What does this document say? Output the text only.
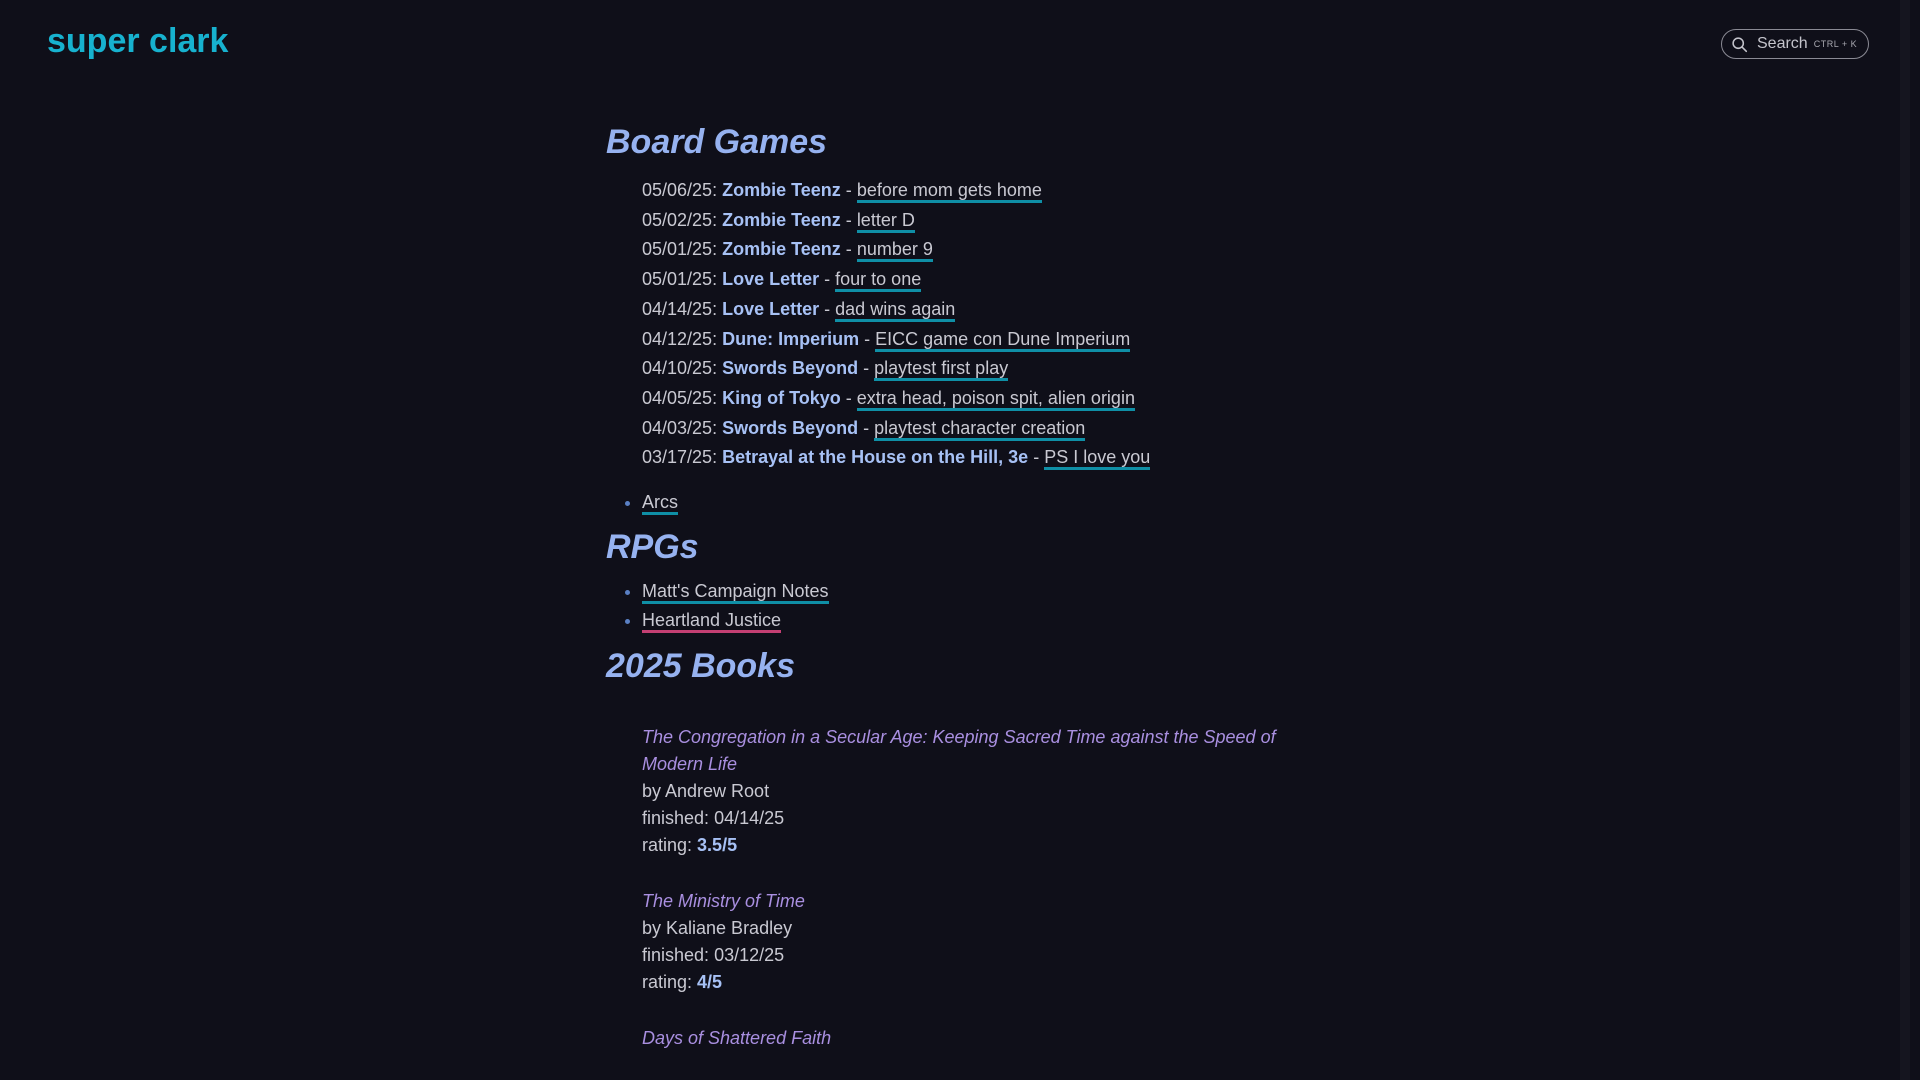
super clark	Search CTRL + K
Board Games
05/06/25: Zombie Teenz - before mom gets home
05/02/25: Zombie Teenz - letter D
05/01/25: Zombie Teenz - number 9
05/01/25: Love Letter - four to one
04/14/25: Love Letter - dad wins again
04/12/25: Dune: Imperium - EICC game con Dune Imperium
04/10/25: Swords Beyond - playtest first play
04/05/25: King of Tokyo - extra head, poison spit, alien origin
04/03/25: Swords Beyond - playtest character creation
03/17/25: Betrayal at the House on the Hill, 3e - PS I love you
• Arcs
RPGs
• Matt's Campaign Notes
• Heartland Justice
2025 Books
The Congregation in a Secular Age: Keeping Sacred Time against the Speed of Modern Life
by Andrew Root
finished: 04/14/25
rating: 3.5/5
The Ministry of Time
by Kaliane Bradley
finished: 03/12/25
rating: 4/5
Days of Shattered Faith
